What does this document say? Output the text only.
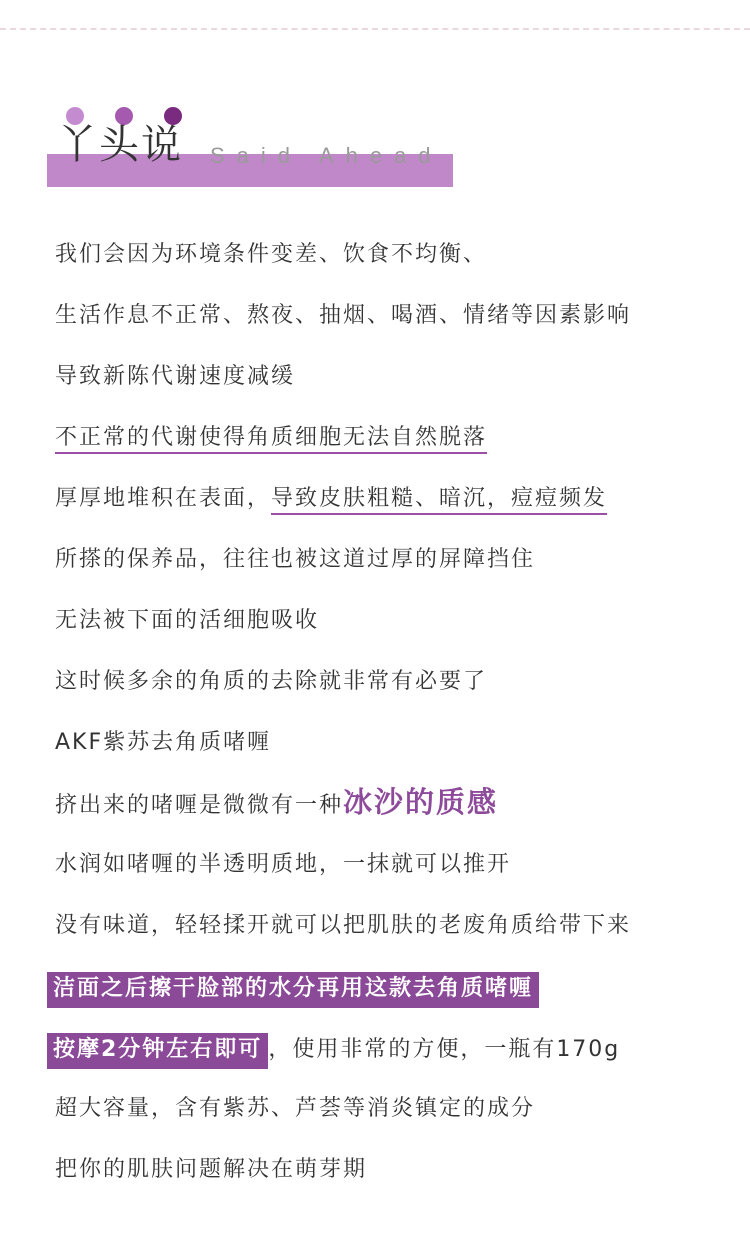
丫头说 Said Ahead
我们会因为环境条件变差、饮食不均衡、
生活作息不正常、熬夜、抽烟、喝酒、情绪等因素影响
导致新陈代谢速度减缓
不正常的代谢使得角质细胞无法自然脱落
厚厚地堆积在表面，导致皮肤粗糙、暗沉，痘痘频发
所搽的保养品，往往也被这道过厚的屏障挡住
无法被下面的活细胞吸收
这时候多余的角质的去除就非常有必要了
AKF紫苏去角质啫喱
挤出来的啫喱是微微有一种冰沙的质感
水润如啫喱的半透明质地，一抹就可以推开
没有味道，轻轻揉开就可以把肌肤的老废角质给带下来
洁面之后擦干脸部的水分再用这款去角质啫喱
按摩2分钟左右即可 ，使用非常的方便，一瓶有170g
超大容量，含有紫苏、芦荟等消炎镇定的成分
把你的肌肤问题解决在萌芽期
